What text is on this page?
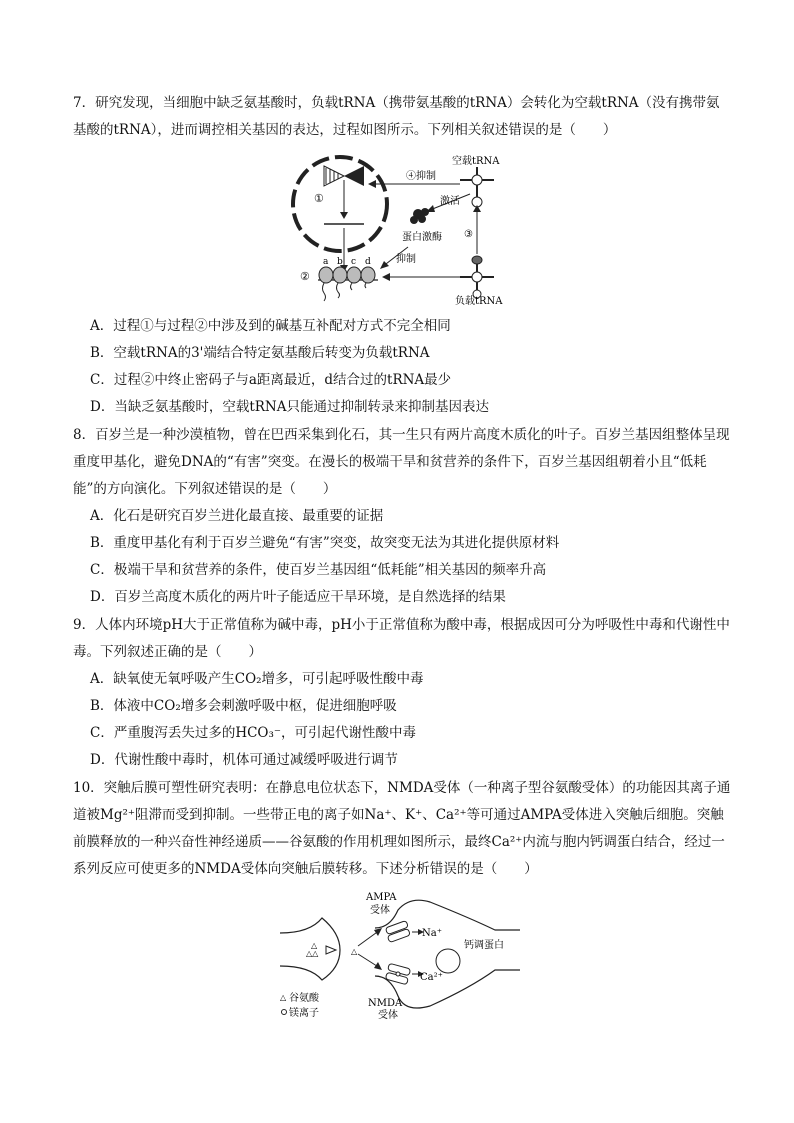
7．研究发现，当细胞中缺乏氨基酸时，负载tRNA（携带氨基酸的tRNA）会转化为空载tRNA（没有携带氨基酸的tRNA），进而调控相关基因的表达，过程如图所示。下列相关叙述错误的是（　　）
①
②
a b c d
空载tRNA
④抑制
激活
蛋白激酶
抑制
③
负载tRNA
A．过程①与过程②中涉及到的碱基互补配对方式不完全相同
B．空载tRNA的3'端结合特定氨基酸后转变为负载tRNA
C．过程②中终止密码子与a距离最近，d结合过的tRNA最少
D．当缺乏氨基酸时，空载tRNA只能通过抑制转录来抑制基因表达
8．百岁兰是一种沙漠植物，曾在巴西采集到化石，其一生只有两片高度木质化的叶子。百岁兰基因组整体呈现重度甲基化，避免DNA的“有害”突变。在漫长的极端干旱和贫营养的条件下，百岁兰基因组朝着小且“低耗能”的方向演化。下列叙述错误的是（　　）
A．化石是研究百岁兰进化最直接、最重要的证据
B．重度甲基化有利于百岁兰避免“有害”突变，故突变无法为其进化提供原材料
C．极端干旱和贫营养的条件，使百岁兰基因组“低耗能”相关基因的频率升高
D．百岁兰高度木质化的两片叶子能适应干旱环境，是自然选择的结果
9．人体内环境pH大于正常值称为碱中毒，pH小于正常值称为酸中毒，根据成因可分为呼吸性中毒和代谢性中毒。下列叙述正确的是（　　）
A．缺氧使无氧呼吸产生CO₂增多，可引起呼吸性酸中毒
B．体液中CO₂增多会刺激呼吸中枢，促进细胞呼吸
C．严重腹泻丢失过多的HCO₃⁻，可引起代谢性酸中毒
D．代谢性酸中毒时，机体可通过减缓呼吸进行调节
10．突触后膜可塑性研究表明：在静息电位状态下，NMDA受体（一种离子型谷氨酸受体）的功能因其离子通道被Mg²⁺阻滞而受到抑制。一些带正电的离子如Na⁺、K⁺、Ca²⁺等可通过AMPA受体进入突触后细胞。突触前膜释放的一种兴奋性神经递质——谷氨酸的作用机理如图所示，最终Ca²⁺内流与胞内钙调蛋白结合，经过一系列反应可使更多的NMDA受体向突触后膜转移。下述分析错误的是（　　）
△
△△	△
AMPA
受体
Na⁺
钙调蛋白
Ca²⁺
NMDA
受体
△ 谷氨酸
镁离子
